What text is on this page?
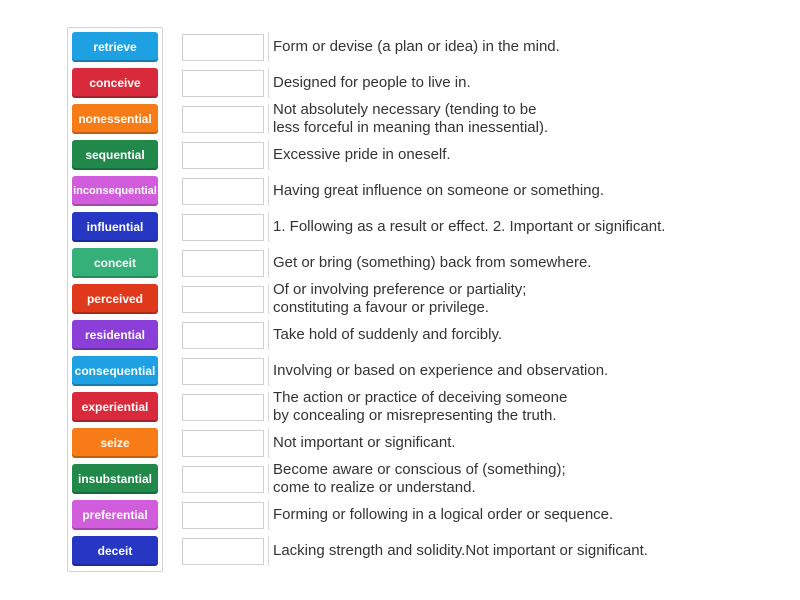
retrieve
conceive
nonessential
sequential
inconsequential
influential
conceit
perceived
residential
consequential
experiential
seize
insubstantial
preferential
deceit
Form or devise (a plan or idea) in the mind.
Designed for people to live in.
Not absolutely necessary (tending to be
less forceful in meaning than inessential).
Excessive pride in oneself.
Having great influence on someone or something.
1. Following as a result or effect. 2. Important or significant.
Get or bring (something) back from somewhere.
Of or involving preference or partiality;
constituting a favour or privilege.
Take hold of suddenly and forcibly.
Involving or based on experience and observation.
The action or practice of deceiving someone
by concealing or misrepresenting the truth.
Not important or significant.
Become aware or conscious of (something);
come to realize or understand.
Forming or following in a logical order or sequence.
Lacking strength and solidity.Not important or significant.
